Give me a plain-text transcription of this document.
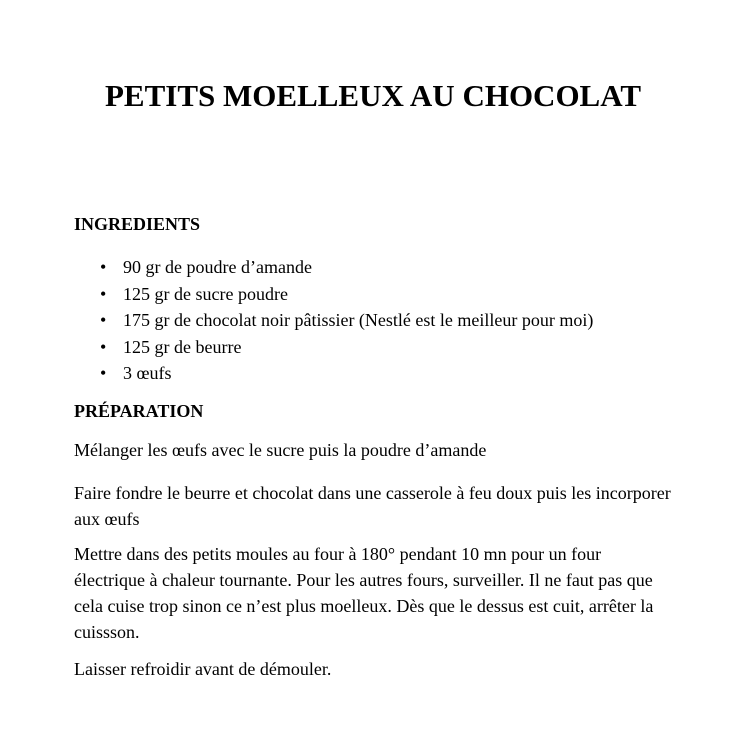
PETITS MOELLEUX AU CHOCOLAT
INGREDIENTS
• 90 gr de poudre d’amande
• 125 gr de sucre poudre
• 175 gr de chocolat noir pâtissier (Nestlé est le meilleur pour moi)
• 125 gr de beurre
• 3 œufs
PRÉPARATION

Mélanger les œufs avec le sucre puis la poudre d’amande

Faire fondre le beurre et chocolat dans une casserole à feu doux puis les incorporer aux œufs

Mettre dans des petits moules au four à 180° pendant 10 mn pour un four électrique à chaleur tournante. Pour les autres fours, surveiller. Il ne faut pas que cela cuise trop sinon ce n’est plus moelleux. Dès que le dessus est cuit, arrêter la cuissson.

Laisser refroidir avant de démouler.
